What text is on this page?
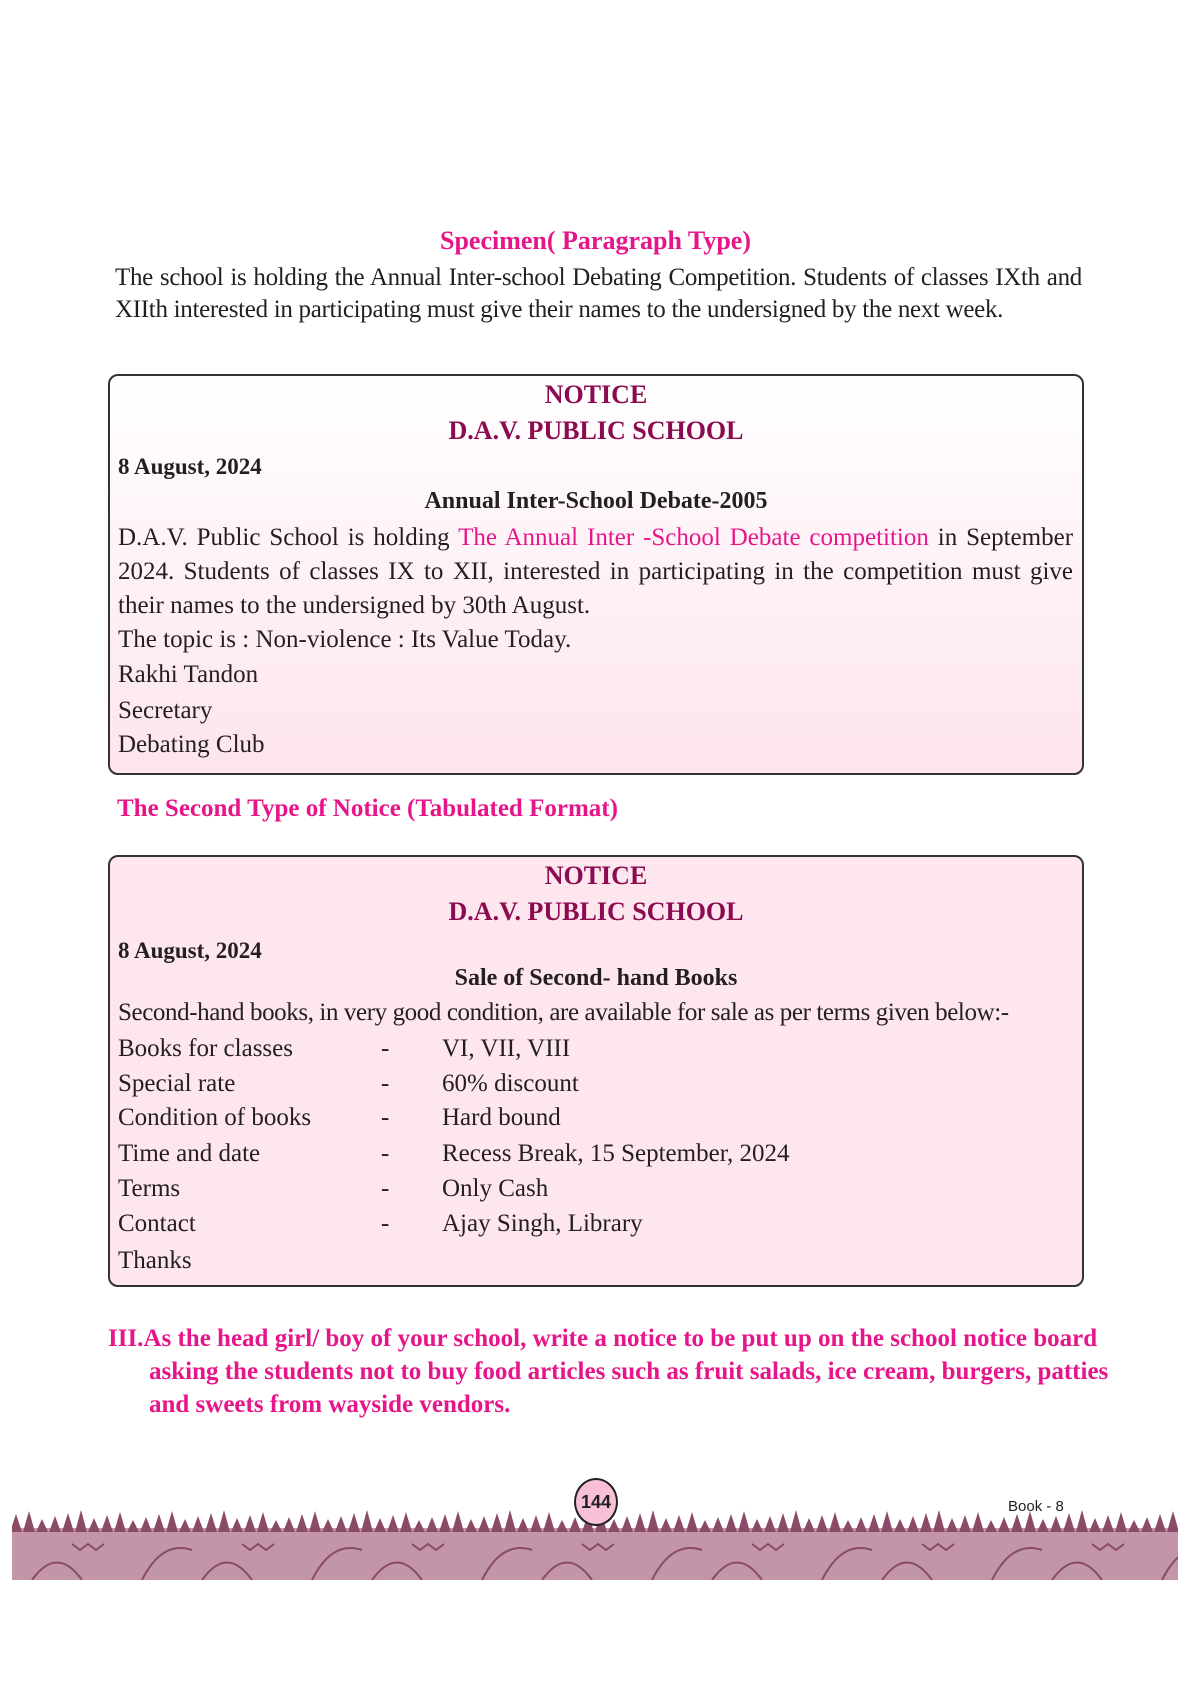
Specimen( Paragraph Type)
The school is holding the Annual Inter-school Debating Competition. Students of classes IXth and XIIth interested in participating must give their names to the undersigned by the next week.
NOTICE
D.A.V. PUBLIC SCHOOL
8 August, 2024
Annual Inter-School Debate-2005
D.A.V. Public School is holding The Annual Inter -School Debate competition in September 2024. Students of classes IX to XII, interested in participating in the competition must give their names to the undersigned by 30th August.
The topic is : Non-violence : Its Value Today.
Rakhi Tandon
Secretary
Debating Club
The Second Type of Notice (Tabulated Format)
NOTICE
D.A.V. PUBLIC SCHOOL
8 August, 2024
Sale of Second- hand Books
Second-hand books, in very good condition, are available for sale as per terms given below:-
Books for classes	- VI, VII, VIII
Special rate	- 60% discount
Condition of books	- Hard bound
Time and date	- Recess Break, 15 September, 2024
Terms	- Only Cash
Contact	- Ajay Singh, Library
Thanks
III.As the head girl/ boy of your school, write a notice to be put up on the school notice board asking the students not to buy food articles such as fruit salads, ice cream, burgers, patties and sweets from wayside vendors.
144	Book - 8
